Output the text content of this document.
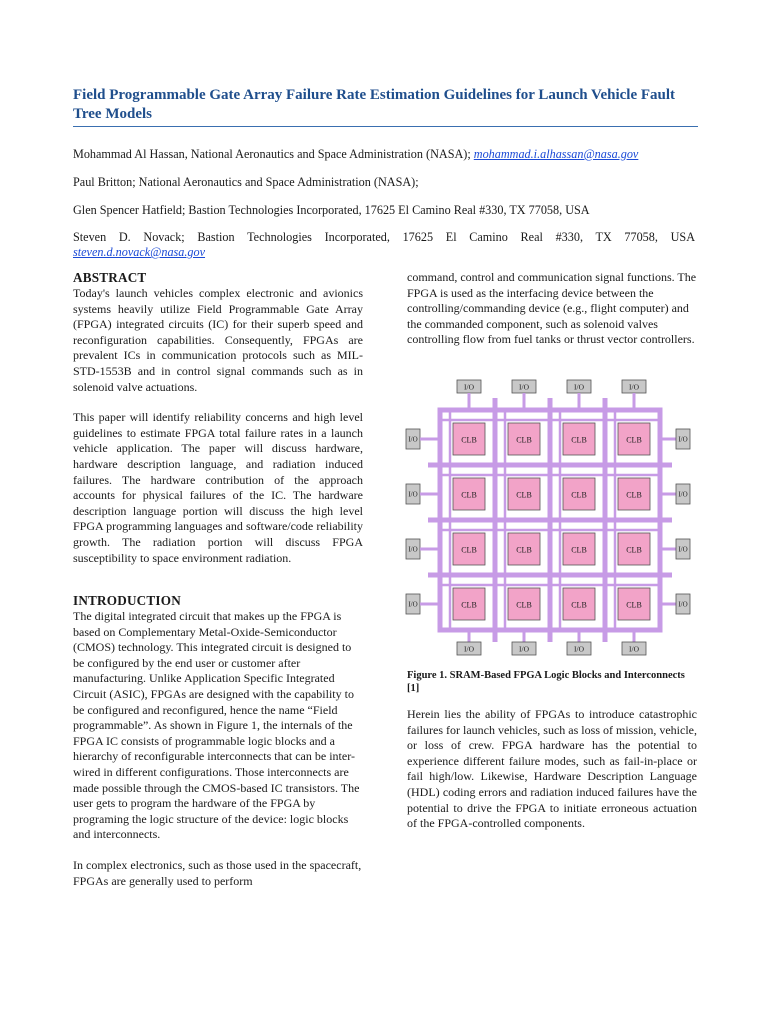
Field Programmable Gate Array Failure Rate Estimation Guidelines for Launch Vehicle Fault Tree Models

Mohammad Al Hassan, National Aeronautics and Space Administration (NASA); mohammad.i.alhassan@nasa.gov

Paul Britton; National Aeronautics and Space Administration (NASA);

Glen Spencer Hatfield; Bastion Technologies Incorporated, 17625 El Camino Real #330, TX 77058, USA

Steven D. Novack; Bastion Technologies Incorporated, 17625 El Camino Real #330, TX 77058, USA

steven.d.novack@nasa.gov

ABSTRACT

Today's launch vehicles complex electronic and avionics systems heavily utilize Field Programmable Gate Array (FPGA) integrated circuits (IC) for their superb speed and reconfiguration capabilities. Consequently, FPGAs are prevalent ICs in communication protocols such as MIL-STD-1553B and in control signal commands such as in solenoid valve actuations.

This paper will identify reliability concerns and high level guidelines to estimate FPGA total failure rates in a launch vehicle application. The paper will discuss hardware, hardware description language, and radiation induced failures. The hardware contribution of the approach accounts for physical failures of the IC. The hardware description language portion will discuss the high level FPGA programming languages and software/code reliability growth. The radiation portion will discuss FPGA susceptibility to space environment radiation.

INTRODUCTION

The digital integrated circuit that makes up the FPGA is based on Complementary Metal-Oxide-Semiconductor (CMOS) technology. This integrated circuit is designed to be configured by the end user or customer after manufacturing. Unlike Application Specific Integrated Circuit (ASIC), FPGAs are designed with the capability to be configured and reconfigured, hence the name “Field programmable”. As shown in Figure 1, the internals of the FPGA IC consists of programmable logic blocks and a hierarchy of reconfigurable interconnects that can be inter-wired in different configurations. Those interconnects are made possible through the CMOS-based IC transistors. The user gets to program the hardware of the FPGA by programing the logic structure of the device: logic blocks and interconnects.

In complex electronics, such as those used in the spacecraft, FPGAs are generally used to perform

command, control and communication signal functions. The FPGA is used as the interfacing device between the controlling/commanding device (e.g., flight computer) and the commanded component, such as solenoid valves controlling flow from fuel tanks or thrust vector controllers.

CLB	CLB	CLB	CLB
CLB	CLB	CLB	CLB
CLB	CLB	CLB	CLB
CLB	CLB	CLB	CLB
I/O
I/O
I/O
I/O
I/O
I/O
I/O
I/O
I/O	I/O
I/O	I/O
I/O	I/O
I/O	I/O

Figure 1. SRAM-Based FPGA Logic Blocks and Interconnects [1]

Herein lies the ability of FPGAs to introduce catastrophic failures for launch vehicles, such as loss of mission, vehicle, or loss of crew. FPGA hardware has the potential to experience different failure modes, such as fail-in-place or fail high/low. Likewise, Hardware Description Language (HDL) coding errors and radiation induced failures have the potential to drive the FPGA to initiate erroneous actuation of the FPGA-controlled components.
